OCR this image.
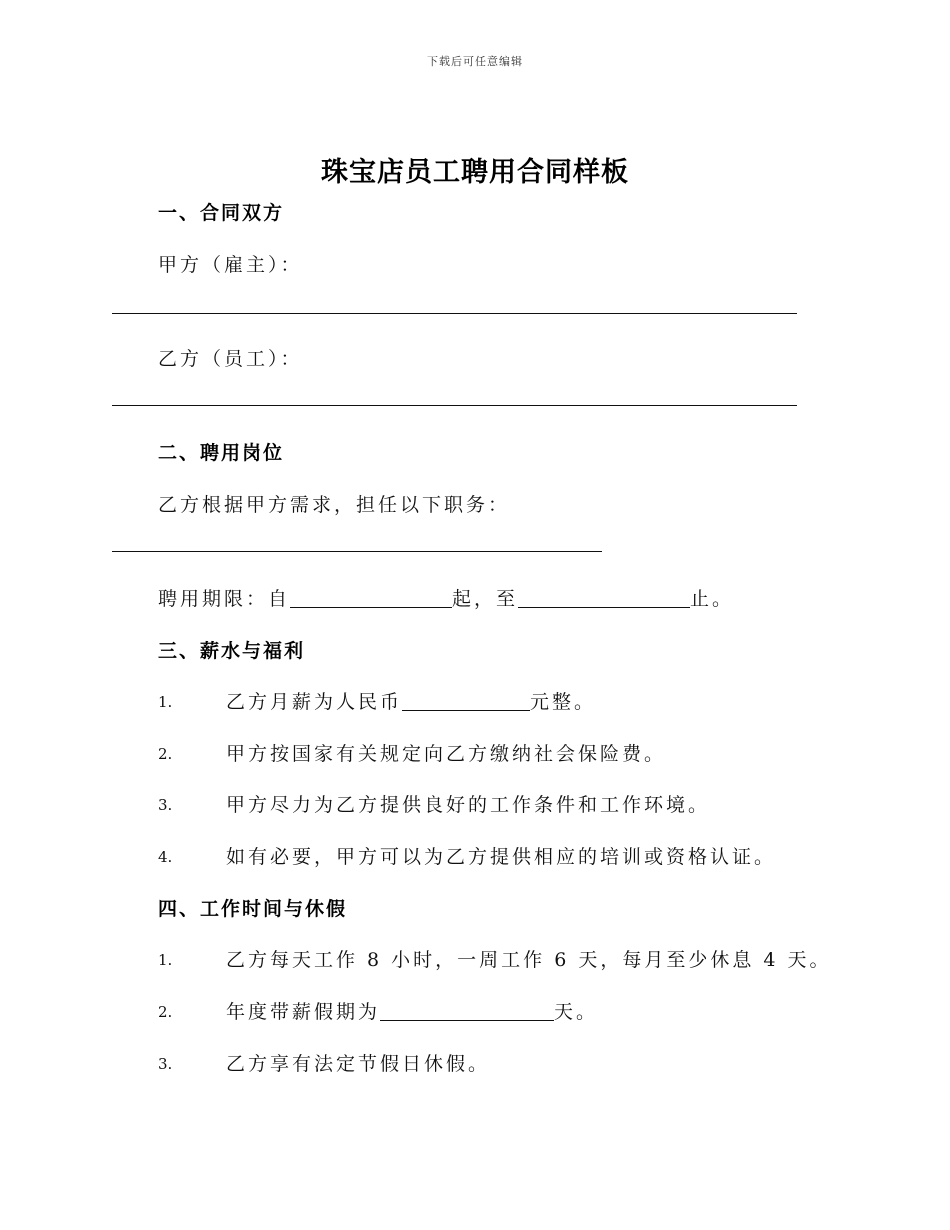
下载后可任意编辑
珠宝店员工聘用合同样板
一、合同双方
甲方（雇主）：
乙方（员工）：
二、聘用岗位
乙方根据甲方需求，担任以下职务：
聘用期限：自	起，至	止。
三、薪水与福利
1.	乙方月薪为人民币	元整。
2.	甲方按国家有关规定向乙方缴纳社会保险费。
3.	甲方尽力为乙方提供良好的工作条件和工作环境。
4.	如有必要，甲方可以为乙方提供相应的培训或资格认证。
四、工作时间与休假
1.	乙方每天工作 8 小时，一周工作 6 天，每月至少休息 4 天。
2.	年度带薪假期为	天。
3.	乙方享有法定节假日休假。
